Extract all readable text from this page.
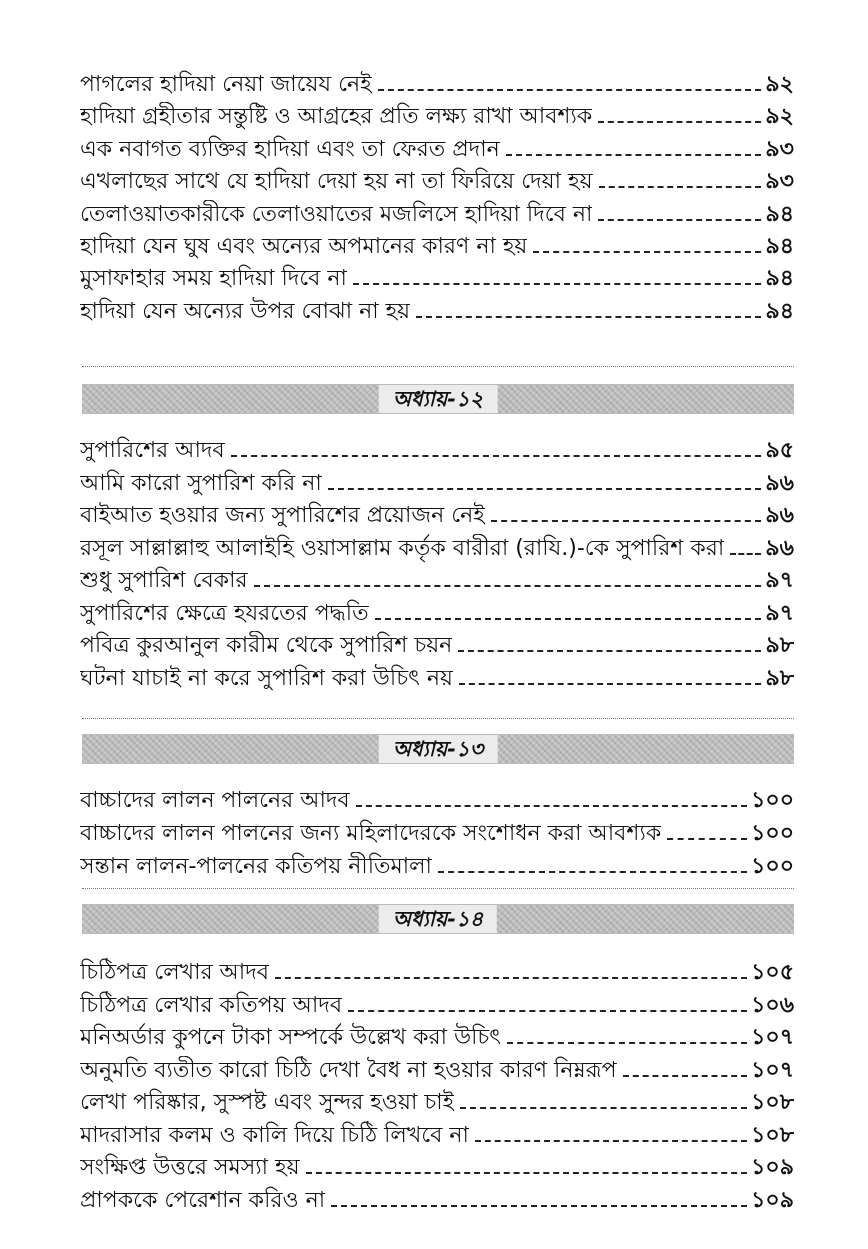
পাগলের হাদিয়া নেয়া জায়েয নেই	৯২
হাদিয়া গ্রহীতার সন্তুষ্টি ও আগ্রহের প্রতি লক্ষ্য রাখা আবশ্যক	৯২
এক নবাগত ব্যক্তির হাদিয়া এবং তা ফেরত প্রদান	৯৩
এখলাছের সাথে যে হাদিয়া দেয়া হয় না তা ফিরিয়ে দেয়া হয়	৯৩
তেলাওয়াতকারীকে তেলাওয়াতের মজলিসে হাদিয়া দিবে না	৯৪
হাদিয়া যেন ঘুষ এবং অন্যের অপমানের কারণ না হয়	৯৪
মুসাফাহার সময় হাদিয়া দিবে না	৯৪
হাদিয়া যেন অন্যের উপর বোঝা না হয়	৯৪
অধ্যায়-১২
সুপারিশের আদব	৯৫
আমি কারো সুপারিশ করি না	৯৬
বাইআত হওয়ার জন্য সুপারিশের প্রয়োজন নেই	৯৬
রসূল সাল্লাল্লাহু আলাইহি ওয়াসাল্লাম কর্তৃক বারীরা (রাযি.)-কে সুপারিশ করা ৯৬
শুধু সুপারিশ বেকার	৯৭
সুপারিশের ক্ষেত্রে হযরতের পদ্ধতি	৯৭
পবিত্র কুরআনুল কারীম থেকে সুপারিশ চয়ন	৯৮
ঘটনা যাচাই না করে সুপারিশ করা উচিৎ নয়	৯৮
অধ্যায়-১৩
বাচ্চাদের লালন পালনের আদব	১০০
বাচ্চাদের লালন পালনের জন্য মহিলাদেরকে সংশোধন করা আবশ্যক	১০০
সন্তান লালন-পালনের কতিপয় নীতিমালা	১০০
অধ্যায়-১৪
চিঠিপত্র লেখার আদব	১০৫
চিঠিপত্র লেখার কতিপয় আদব	১০৬
মনিঅর্ডার কুপনে টাকা সম্পর্কে উল্লেখ করা উচিৎ	১০৭
অনুমতি ব্যতীত কারো চিঠি দেখা বৈধ না হওয়ার কারণ নিম্নরূপ	১০৭
লেখা পরিষ্কার, সুস্পষ্ট এবং সুন্দর হওয়া চাই	১০৮
মাদরাসার কলম ও কালি দিয়ে চিঠি লিখবে না	১০৮
সংক্ষিপ্ত উত্তরে সমস্যা হয়	১০৯
প্রাপককে পেরেশান করিও না	১০৯
